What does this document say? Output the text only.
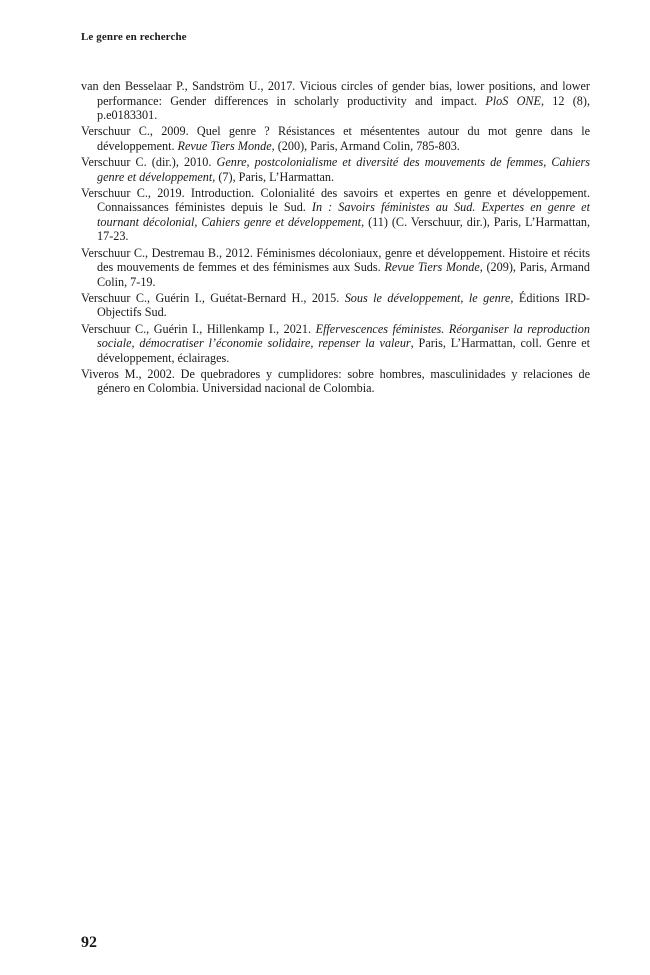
Le genre en recherche

van den Besselaar P., Sandström U., 2017. Vicious circles of gender bias, lower positions, and lower performance: Gender differences in scholarly productivity and impact. PloS ONE, 12 (8), p.e0183301.

Verschuur C., 2009. Quel genre ? Résistances et mésententes autour du mot genre dans le développement. Revue Tiers Monde, (200), Paris, Armand Colin, 785-803.

Verschuur C. (dir.), 2010. Genre, postcolonialisme et diversité des mouvements de femmes, Cahiers genre et développement, (7), Paris, L’Harmattan.

Verschuur C., 2019. Introduction. Colonialité des savoirs et expertes en genre et développement. Connaissances féministes depuis le Sud. In : Savoirs féministes au Sud. Expertes en genre et tournant décolonial, Cahiers genre et développement, (11) (C. Verschuur, dir.), Paris, L’Harmattan, 17-23.

Verschuur C., Destremau B., 2012. Féminismes décoloniaux, genre et développement. Histoire et récits des mouvements de femmes et des féminismes aux Suds. Revue Tiers Monde, (209), Paris, Armand Colin, 7-19.

Verschuur C., Guérin I., Guétat-Bernard H., 2015. Sous le développement, le genre, Éditions IRD-Objectifs Sud.

Verschuur C., Guérin I., Hillenkamp I., 2021. Effervescences féministes. Réorganiser la reproduction sociale, démocratiser l’économie solidaire, repenser la valeur, Paris, L’Harmattan, coll. Genre et développement, éclairages.

Viveros M., 2002. De quebradores y cumplidores: sobre hombres, masculinidades y relaciones de género en Colombia. Universidad nacional de Colombia.

92
